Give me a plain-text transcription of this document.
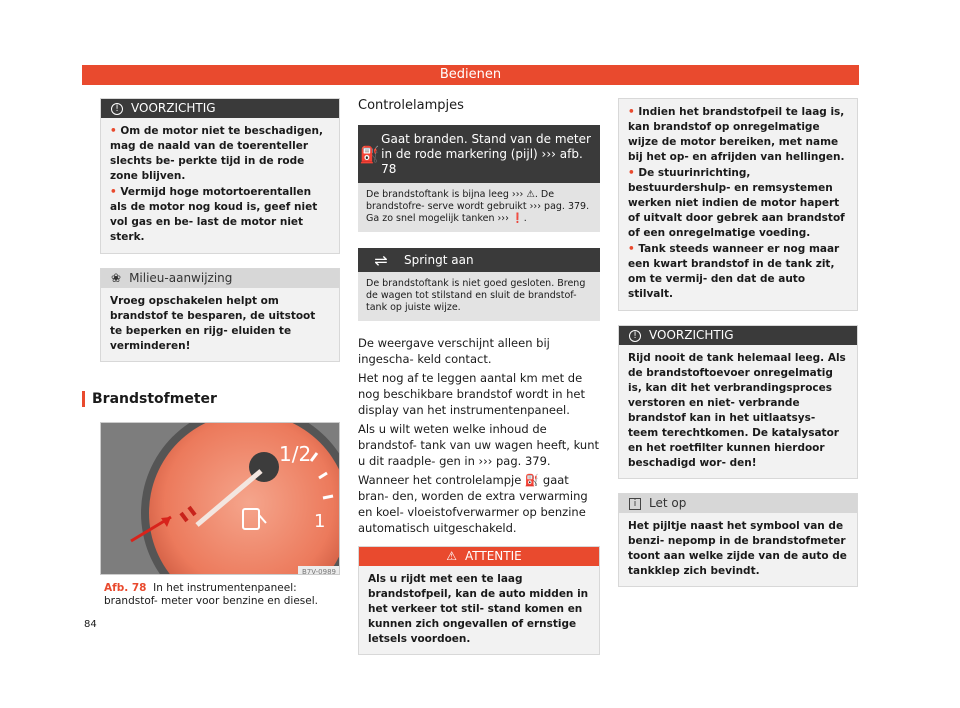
Bedienen
!	VOORZICHTIG

• Om de motor niet te beschadigen, mag de naald van de toerenteller slechts be- perkte tijd in de rode zone blijven.

• Vermijd hoge motortoerentallen als de motor nog koud is, geef niet vol gas en be- last de motor niet sterk.

❀ Milieu-aanwijzing
Vroeg opschakelen helpt om brandstof te besparen, de uitstoot te beperken en rijg- eluiden te verminderen!
Brandstofmeter
1/2
1
B7V-0989
Afb. 78 In het instrumentenpaneel: brandstof- meter voor benzine en diesel.
Controlelampjes
⛽
Gaat branden. Stand van de meter in de rode markering (pijl) ››› afb. 78
De brandstoftank is bijna leeg ››› ⚠. De brandstofre- serve wordt gebruikt ››› pag. 379. Ga zo snel mogelijk tanken ››› ❗.
⇌	Springt aan
De brandstoftank is niet goed gesloten. Breng de wagen tot stilstand en sluit de brandstof- tank op juiste wijze.

De weergave verschijnt alleen bij ingescha- keld contact.

Het nog af te leggen aantal km met de nog beschikbare brandstof wordt in het display van het instrumentenpaneel.

Als u wilt weten welke inhoud de brandstof- tank van uw wagen heeft, kunt u dit raadple- gen in ››› pag. 379.

Wanneer het controlelampje ⛽ gaat bran- den, worden de extra verwarming en koel- vloeistofverwarmer op benzine automatisch uitgeschakeld.

⚠ ATTENTIE
Als u rijdt met een te laag brandstofpeil, kan de auto midden in het verkeer tot stil- stand komen en kunnen zich ongevallen of ernstige letsels voordoen.

• Indien het brandstofpeil te laag is, kan brandstof op onregelmatige wijze de motor bereiken, met name bij het op- en afrijden van hellingen.

• De stuurinrichting, bestuurdershulp- en remsystemen werken niet indien de motor hapert of uitvalt door gebrek aan brandstof of een onregelmatige voeding.

• Tank steeds wanneer er nog maar een kwart brandstof in de tank zit, om te vermij- den dat de auto stilvalt.

!	VOORZICHTIG
Rijd nooit de tank helemaal leeg. Als de brandstoftoevoer onregelmatig is, kan dit het verbrandingsproces verstoren en niet- verbrande brandstof kan in het uitlaatsys- teem terechtkomen. De katalysator en het roetfilter kunnen hierdoor beschadigd wor- den!
i	Let op
Het pijltje naast het symbool van de benzi- nepomp in de brandstofmeter toont aan welke zijde van de auto de tankklep zich bevindt.
84
